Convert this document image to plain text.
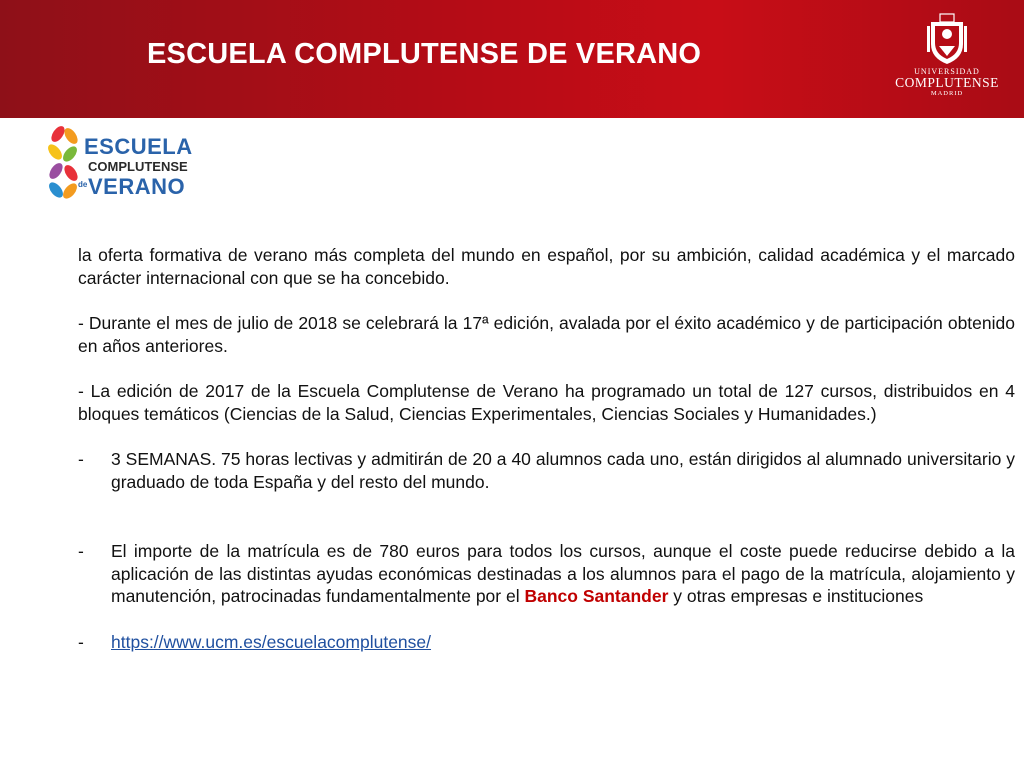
ESCUELA COMPLUTENSE DE VERANO
UNIVERSIDAD
COMPLUTENSE
MADRID
ESCUELA
COMPLUTENSE
de VERANO

la oferta formativa de verano más completa del mundo en español, por su ambición, calidad académica y el marcado carácter internacional con que se ha concebido.

- Durante el mes de julio de 2018 se celebrará la 17ª edición, avalada por el éxito académico y de participación obtenido en años anteriores.

- La edición de 2017 de la Escuela Complutense de Verano ha programado un total de 127 cursos, distribuidos en 4 bloques temáticos (Ciencias de la Salud, Ciencias Experimentales, Ciencias Sociales y Humanidades.)

- 3 SEMANAS. 75 horas lectivas y admitirán de 20 a 40 alumnos cada uno, están dirigidos al alumnado universitario y graduado de toda España y del resto del mundo.
- El importe de la matrícula es de 780 euros para todos los cursos, aunque el coste puede reducirse debido a la aplicación de las distintas ayudas económicas destinadas a los alumnos para el pago de la matrícula, alojamiento y manutención, patrocinadas fundamentalmente por el Banco Santander y otras empresas e instituciones
- https://www.ucm.es/escuelacomplutense/
